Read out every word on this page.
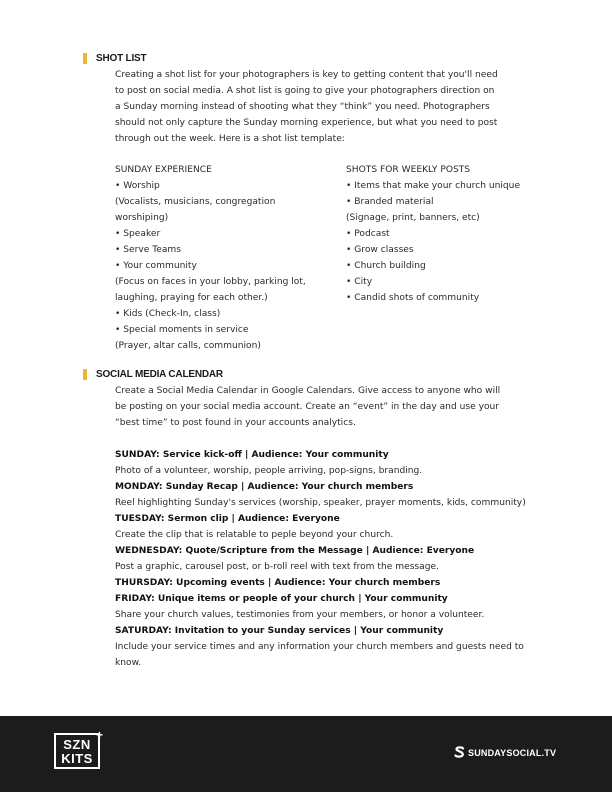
SHOT LIST

Creating a shot list for your photographers is key to getting content that you'll need

to post on social media. A shot list is going to give your photographers direction on

a Sunday morning instead of shooting what they “think” you need. Photographers

should not only capture the Sunday morning experience, but what you need to post

through out the week. Here is a shot list template:

SUNDAY EXPERIENCE
• Worship
(Vocalists, musicians, congregation
worshiping)
• Speaker
• Serve Teams
• Your community
(Focus on faces in your lobby, parking lot,
laughing, praying for each other.)
• Kids (Check-In, class)
• Special moments in service
(Prayer, altar calls, communion)
SHOTS FOR WEEKLY POSTS
• Items that make your church unique
• Branded material
(Signage, print, banners, etc)
• Podcast
• Grow classes
• Church building
• City
• Candid shots of community
SOCIAL MEDIA CALENDAR

Create a Social Media Calendar in Google Calendars. Give access to anyone who will

be posting on your social media account. Create an “event” in the day and use your

“best time” to post found in your accounts analytics.

SUNDAY: Service kick-off | Audience: Your community
Photo of a volunteer, worship, people arriving, pop-signs, branding.
MONDAY: Sunday Recap | Audience: Your church members
Reel highlighting Sunday's services (worship, speaker, prayer moments, kids, community)
TUESDAY: Sermon clip | Audience: Everyone
Create the clip that is relatable to peple beyond your church.
WEDNESDAY: Quote/Scripture from the Message | Audience: Everyone
Post a graphic, carousel post, or b-roll reel with text from the message.
THURSDAY: Upcoming events | Audience: Your church members
FRIDAY: Unique items or people of your church | Your community
Share your church values, testimonies from your members, or honor a volunteer.
SATURDAY: Invitation to your Sunday services | Your community
Include your service times and any information your church members and guests need to know.
SZN
KITS
+
SUNDAYSOCIAL.TV
